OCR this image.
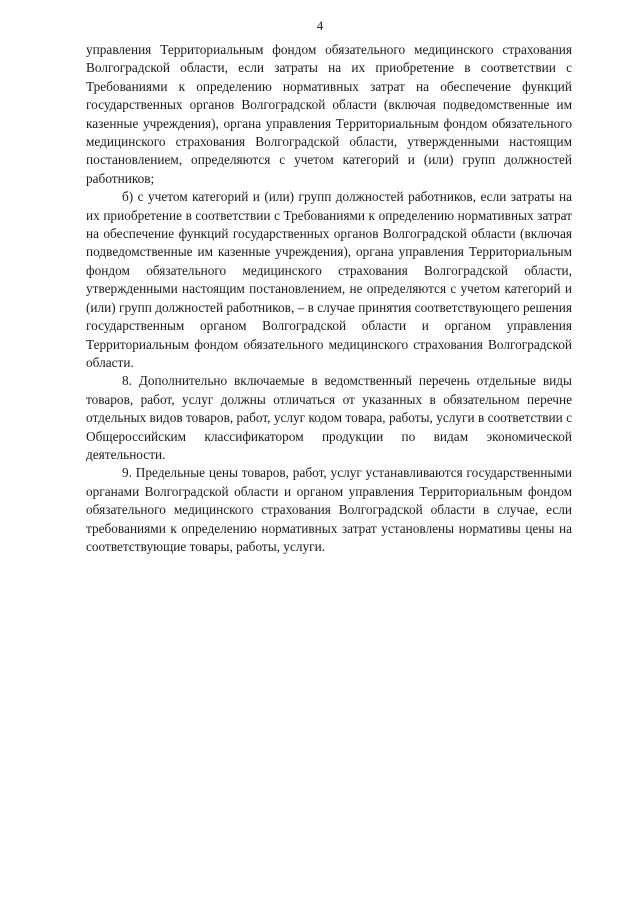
4

управления Территориальным фондом обязательного медицинского страхования Волгоградской области, если затраты на их приобретение в соответствии с Требованиями к определению нормативных затрат на обеспечение функций государственных органов Волгоградской области (включая подведомственные им казенные учреждения), органа управления Территориальным фондом обязательного медицинского страхования Волгоградской области, утвержденными настоящим постановлением, определяются с учетом категорий и (или) групп должностей работников;

б) с учетом категорий и (или) групп должностей работников, если затраты на их приобретение в соответствии с Требованиями к определению нормативных затрат на обеспечение функций государственных органов Волгоградской области (включая подведомственные им казенные учреждения), органа управления Территориальным фондом обязательного медицинского страхования Волгоградской области, утвержденными настоящим постановлением, не определяются с учетом категорий и (или) групп должностей работников, – в случае принятия соответствующего решения государственным органом Волгоградской области и органом управления Территориальным фондом обязательного медицинского страхования Волгоградской области.

8. Дополнительно включаемые в ведомственный перечень отдельные виды товаров, работ, услуг должны отличаться от указанных в обязательном перечне отдельных видов товаров, работ, услуг кодом товара, работы, услуги в соответствии с Общероссийским классификатором продукции по видам экономической деятельности.

9. Предельные цены товаров, работ, услуг устанавливаются государственными органами Волгоградской области и органом управления Территориальным фондом обязательного медицинского страхования Волгоградской области в случае, если требованиями к определению нормативных затрат установлены нормативы цены на соответствующие товары, работы, услуги.
